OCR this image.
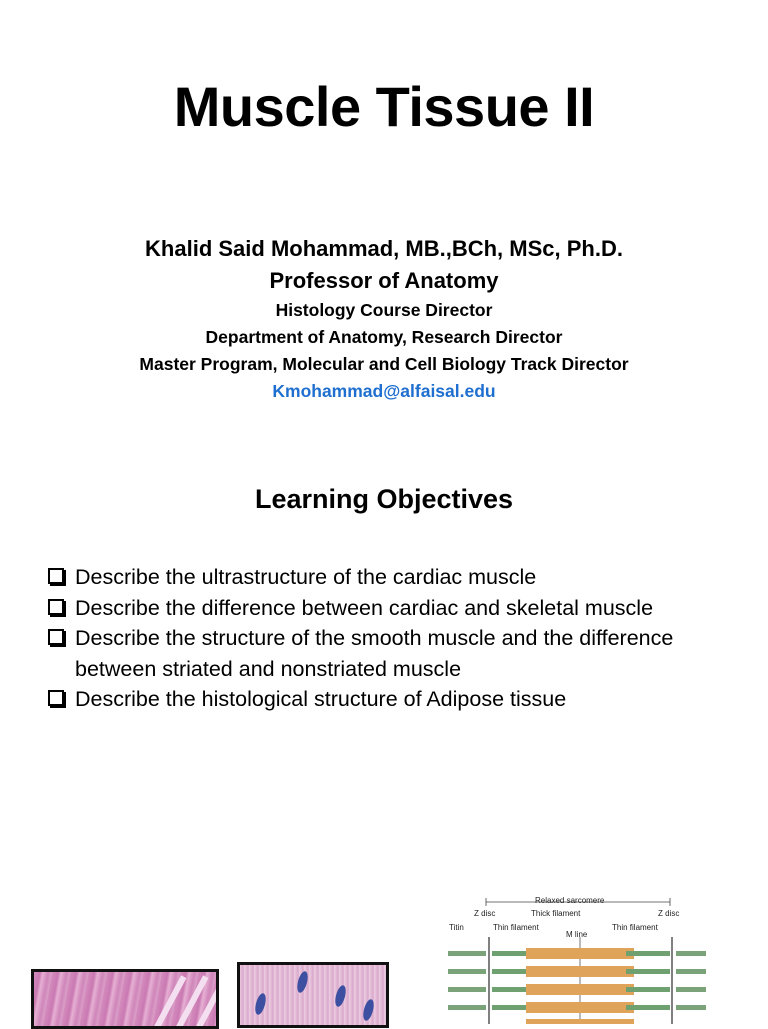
Muscle Tissue II
Khalid Said Mohammad, MB.,BCh, MSc, Ph.D.
Professor of Anatomy
Histology Course Director
Department of Anatomy, Research Director
Master Program, Molecular and Cell Biology Track Director
Kmohammad@alfaisal.edu
Learning Objectives
Describe the ultrastructure of the cardiac muscle
Describe the difference between cardiac and skeletal muscle
Describe the structure of the smooth muscle and the difference between striated and nonstriated muscle
Describe the histological structure of Adipose tissue
Relaxed sarcomere
Z disc	Thick filament	Z disc
Titin	Thin filament
M line
Thin filament
